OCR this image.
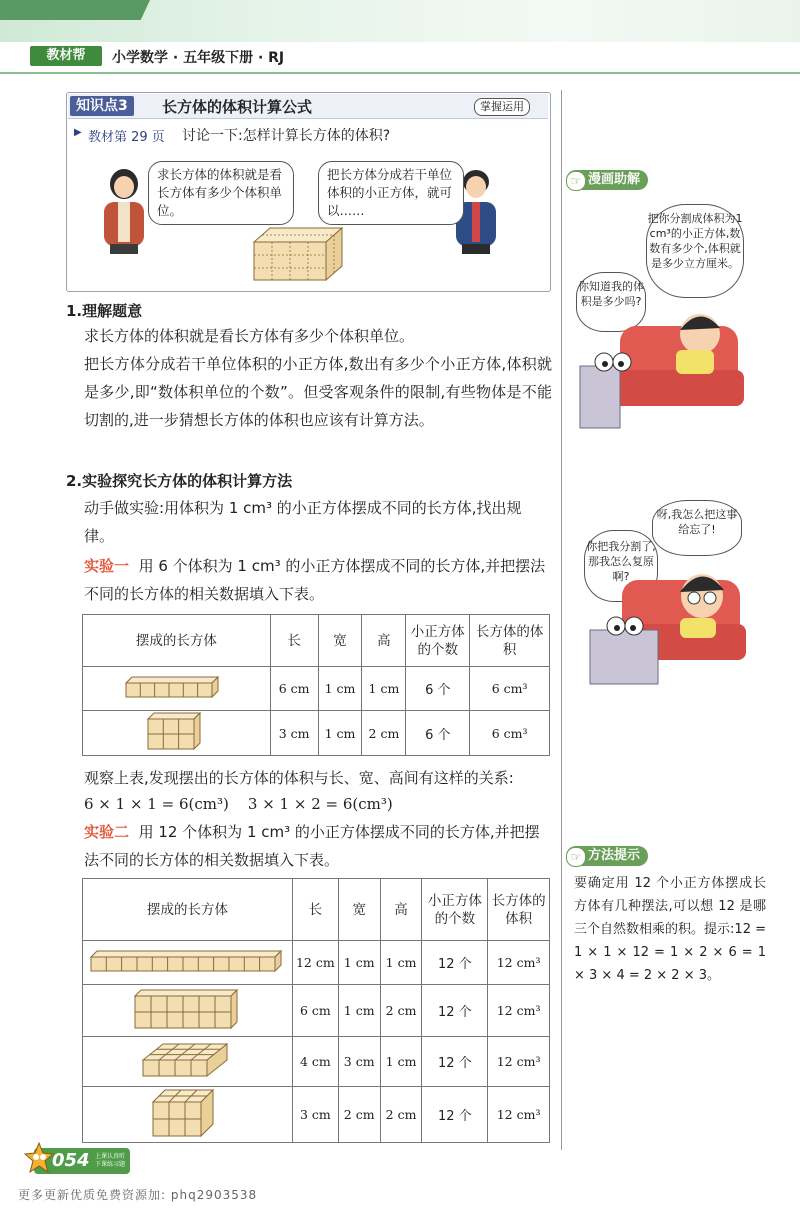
教材帮	小学数学 · 五年级下册 · RJ
知识点3	长方体的体积计算公式	掌握运用
▶ 教材第 29 页 讨论一下:怎样计算长方体的体积?
求长方体的体积就是看长方体有多少个体积单位。
把长方体分成若干单位体积的小正方体，就可以……
1.理解题意
求长方体的体积就是看长方体有多少个体积单位。
把长方体分成若干单位体积的小正方体,数出有多少个小正方体,体积就是多少,即“数体积单位的个数”。但受客观条件的限制,有些物体是不能切割的,进一步猜想长方体的体积也应该有计算方法。
2.实验探究长方体的体积计算方法
动手做实验:用体积为 1 cm³ 的小正方体摆成不同的长方体,找出规律。
实验一 用 6 个体积为 1 cm³ 的小正方体摆成不同的长方体,并把摆法不同的长方体的相关数据填入下表。
摆成的长方体	长	宽	高	小正方体的个数	长方体的体积
	6 cm	1 cm	1 cm	6 个	6 cm³
	3 cm	1 cm	2 cm	6 个	6 cm³
观察上表,发现摆出的长方体的体积与长、宽、高间有这样的关系:
6 × 1 × 1 = 6(cm³)    3 × 1 × 2 = 6(cm³)
实验二 用 12 个体积为 1 cm³ 的小正方体摆成不同的长方体,并把摆法不同的长方体的相关数据填入下表。
摆成的长方体	长	宽	高	小正方体的个数	长方体的体积
	12 cm	1 cm	1 cm	12 个	12 cm³
	6 cm	1 cm	2 cm	12 个	12 cm³
	4 cm	3 cm	1 cm	12 个	12 cm³
	3 cm	2 cm	2 cm	12 个	12 cm³
漫画助解
☞
把你分割成体积为1 cm³的小正方体,数数有多少个,体积就是多少立方厘米。
你知道我的体积是多少吗?
呀,我怎么把这事给忘了!
你把我分割了,那我怎么复原啊?
方法提示
☞
要确定用 12 个小正方体摆成长方体有几种摆法,可以想 12 是哪三个自然数相乘的积。提示:12 = 1 × 1 × 12 = 1 × 2 × 6 = 1 × 3 × 4 = 2 × 2 × 3。
054 上课认真听 下课练习题
更多更新优质免费资源加: phq2903538
